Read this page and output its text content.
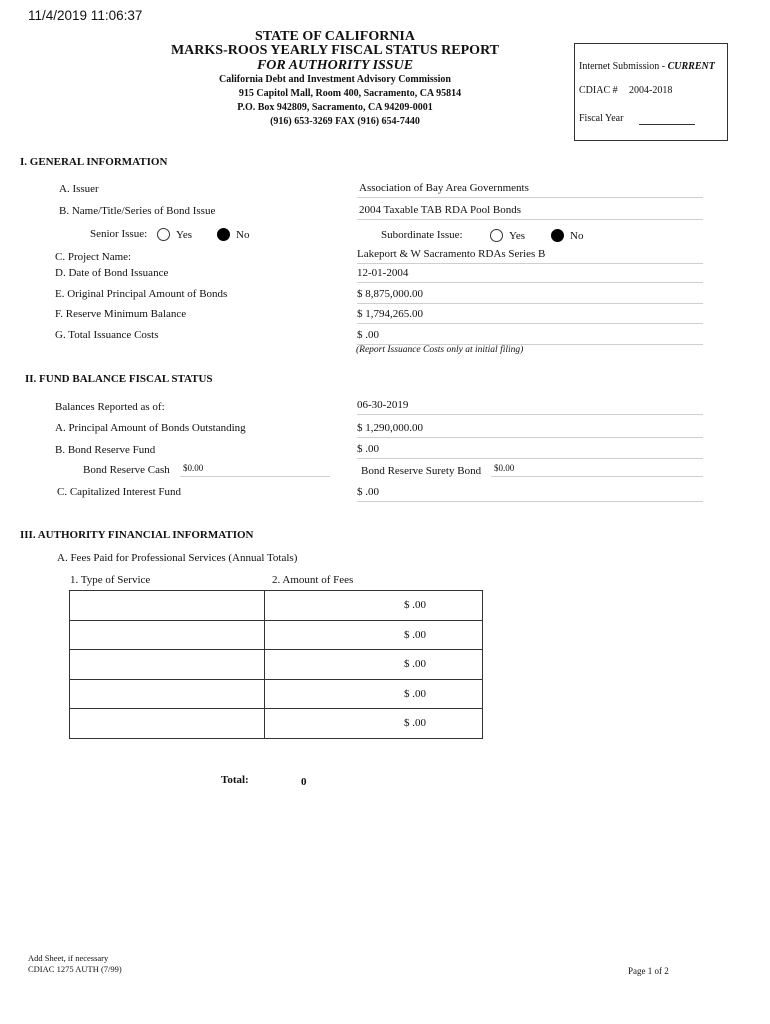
11/4/2019 11:06:37
STATE OF CALIFORNIA
MARKS-ROOS YEARLY FISCAL STATUS REPORT
FOR AUTHORITY ISSUE
California Debt and Investment Advisory Commission
915 Capitol Mall, Room 400, Sacramento, CA 95814
P.O. Box 942809, Sacramento, CA 94209-0001
(916) 653-3269 FAX (916) 654-7440
Internet Submission - CURRENT
CDIAC # 2004-2018
Fiscal Year
I. GENERAL INFORMATION
A. Issuer	Association of Bay Area Governments
B. Name/Title/Series of Bond Issue	2004 Taxable TAB RDA Pool Bonds
Senior Issue:	Yes	No	Subordinate Issue:	Yes	No
C. Project Name:	Lakeport & W Sacramento RDAs Series B
D. Date of Bond Issuance	12-01-2004
E. Original Principal Amount of Bonds	$ 8,875,000.00
F. Reserve Minimum Balance	$ 1,794,265.00
G. Total Issuance Costs	$ .00
(Report Issuance Costs only at initial filing)
II. FUND BALANCE FISCAL STATUS
Balances Reported as of:	06-30-2019
A. Principal Amount of Bonds Outstanding	$ 1,290,000.00
B. Bond Reserve Fund	$ .00
Bond Reserve Cash $0.00	Bond Reserve Surety Bond $0.00
C. Capitalized Interest Fund	$ .00
III. AUTHORITY FINANCIAL INFORMATION
A. Fees Paid for Professional Services (Annual Totals)
1. Type of Service	2. Amount of Fees
	$ .00
	$ .00
	$ .00
	$ .00
	$ .00
Total:	0
Add Sheet, if necessary
CDIAC 1275 AUTH (7/99)	Page 1 of 2
